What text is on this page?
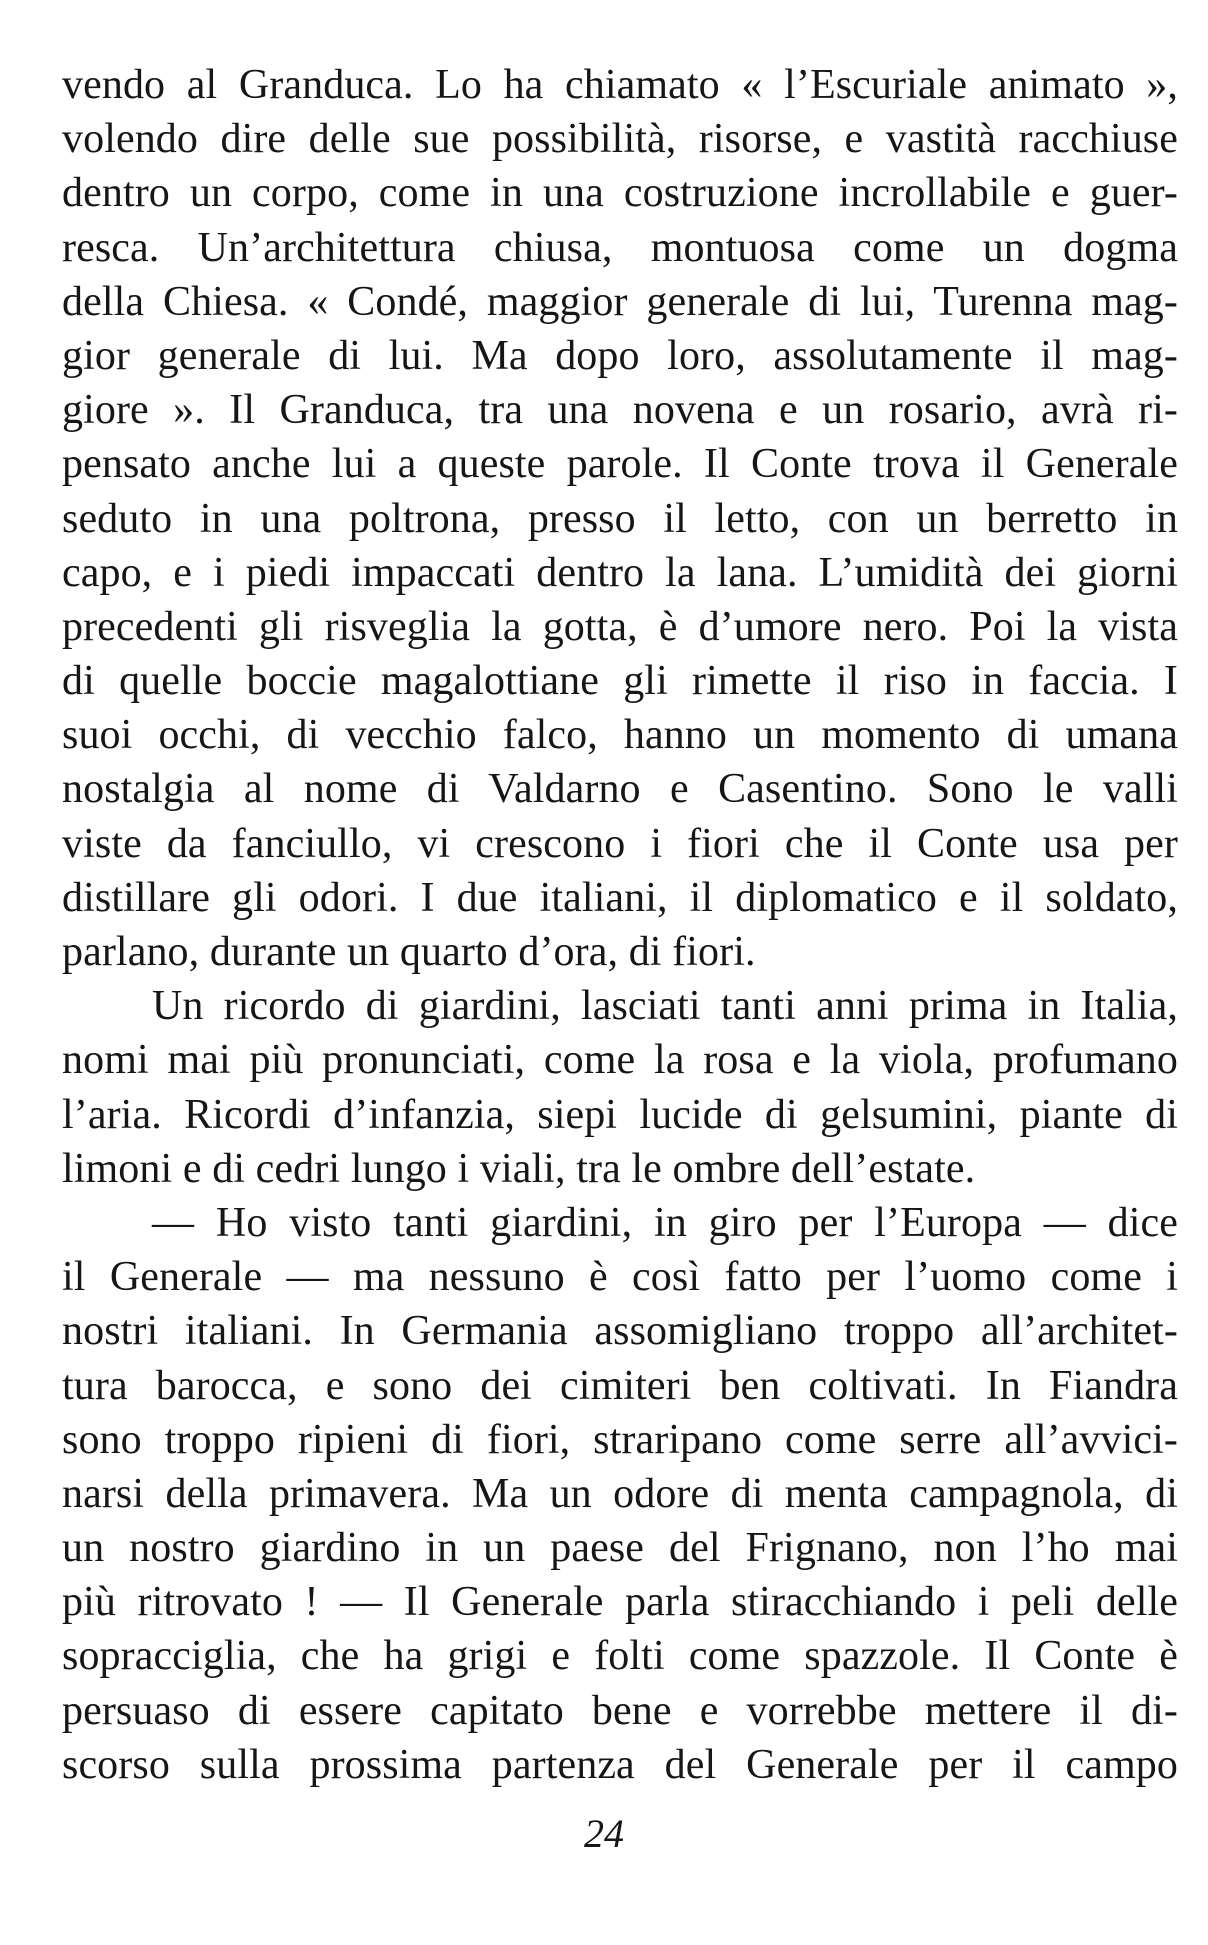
vendo al Granduca. Lo ha chiamato « l’Escuriale animato »,
volendo dire delle sue possibilità, risorse, e vastità racchiuse
dentro un corpo, come in una costruzione incrollabile e guer-
resca. Un’architettura chiusa, montuosa come un dogma
della Chiesa. « Condé, maggior generale di lui, Turenna mag-
gior generale di lui. Ma dopo loro, assolutamente il mag-
giore ». Il Granduca, tra una novena e un rosario, avrà ri-
pensato anche lui a queste parole. Il Conte trova il Generale
seduto in una poltrona, presso il letto, con un berretto in
capo, e i piedi impaccati dentro la lana. L’umidità dei giorni
precedenti gli risveglia la gotta, è d’umore nero. Poi la vista
di quelle boccie magalottiane gli rimette il riso in faccia. I
suoi occhi, di vecchio falco, hanno un momento di umana
nostalgia al nome di Valdarno e Casentino. Sono le valli
viste da fanciullo, vi crescono i fiori che il Conte usa per
distillare gli odori. I due italiani, il diplomatico e il soldato,
parlano, durante un quarto d’ora, di fiori.
Un ricordo di giardini, lasciati tanti anni prima in Italia,
nomi mai più pronunciati, come la rosa e la viola, profumano
l’aria. Ricordi d’infanzia, siepi lucide di gelsumini, piante di
limoni e di cedri lungo i viali, tra le ombre dell’estate.
— Ho visto tanti giardini, in giro per l’Europa — dice
il Generale — ma nessuno è così fatto per l’uomo come i
nostri italiani. In Germania assomigliano troppo all’architet-
tura barocca, e sono dei cimiteri ben coltivati. In Fiandra
sono troppo ripieni di fiori, straripano come serre all’avvici-
narsi della primavera. Ma un odore di menta campagnola, di
un nostro giardino in un paese del Frignano, non l’ho mai
più ritrovato ! — Il Generale parla stiracchiando i peli delle
sopracciglia, che ha grigi e folti come spazzole. Il Conte è
persuaso di essere capitato bene e vorrebbe mettere il di-
scorso sulla prossima partenza del Generale per il campo
24
